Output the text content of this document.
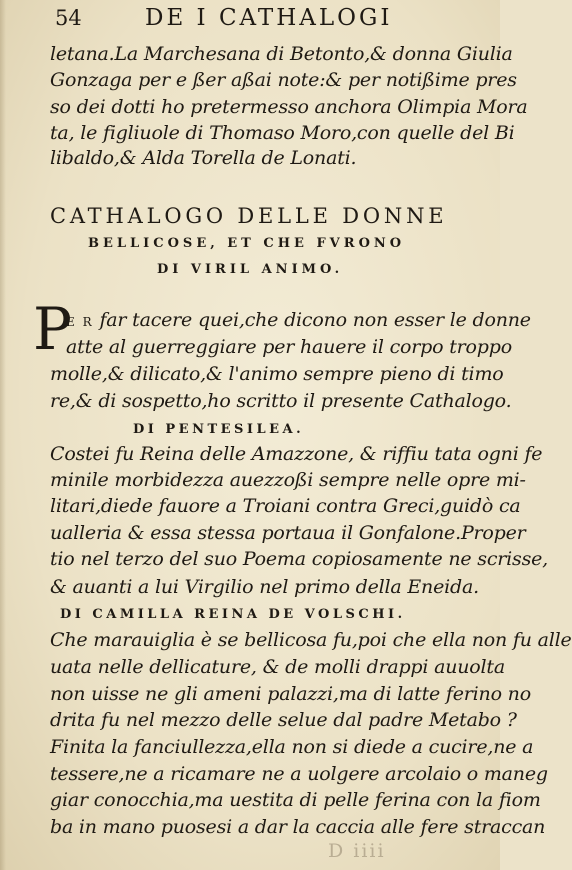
54	DE I CATHALOGI
letana.La Marchesana di Betonto,& donna Giulia
Gonzaga per e ßer aßai note:& per notißime pres
so dei dotti ho pretermesso anchora Olimpia Mora
ta, le figliuole di Thomaso Moro,con quelle del Bi
libaldo,& Alda Torella de Lonati.
CATHALOGO DELLE DONNE
BELLICOSE, ET CHE FVRONO
DI VIRIL ANIMO.
P
E R far tacere quei,che dicono non esser le donne
atte al guerreggiare per hauere il corpo troppo
molle,& dilicato,& l'animo sempre pieno di timo
re,& di sospetto,ho scritto il presente Cathalogo.
DI PENTESILEA.
Costei fu Reina delle Amazzone, & riffiu tata ogni fe
minile morbidezza auezzoßi sempre nelle opre mi-
litari,diede fauore a Troiani contra Greci,guidò ca
ualleria & essa stessa portaua il Gonfalone.Proper
tio nel terzo del suo Poema copiosamente ne scrisse,
& auanti a lui Virgilio nel primo della Eneida.
DI CAMILLA REINA DE VOLSCHI.
Che marauiglia è se bellicosa fu,poi che ella non fu alle
uata nelle dellicature, & de molli drappi auuolta
non uisse ne gli ameni palazzi,ma di latte ferino no
drita fu nel mezzo delle selue dal padre Metabo ?
Finita la fanciullezza,ella non si diede a cucire,ne a
tessere,ne a ricamare ne a uolgere arcolaio o maneg
giar conocchia,ma uestita di pelle ferina con la fiom
ba in mano puosesi a dar la caccia alle fere straccan
D iiii
